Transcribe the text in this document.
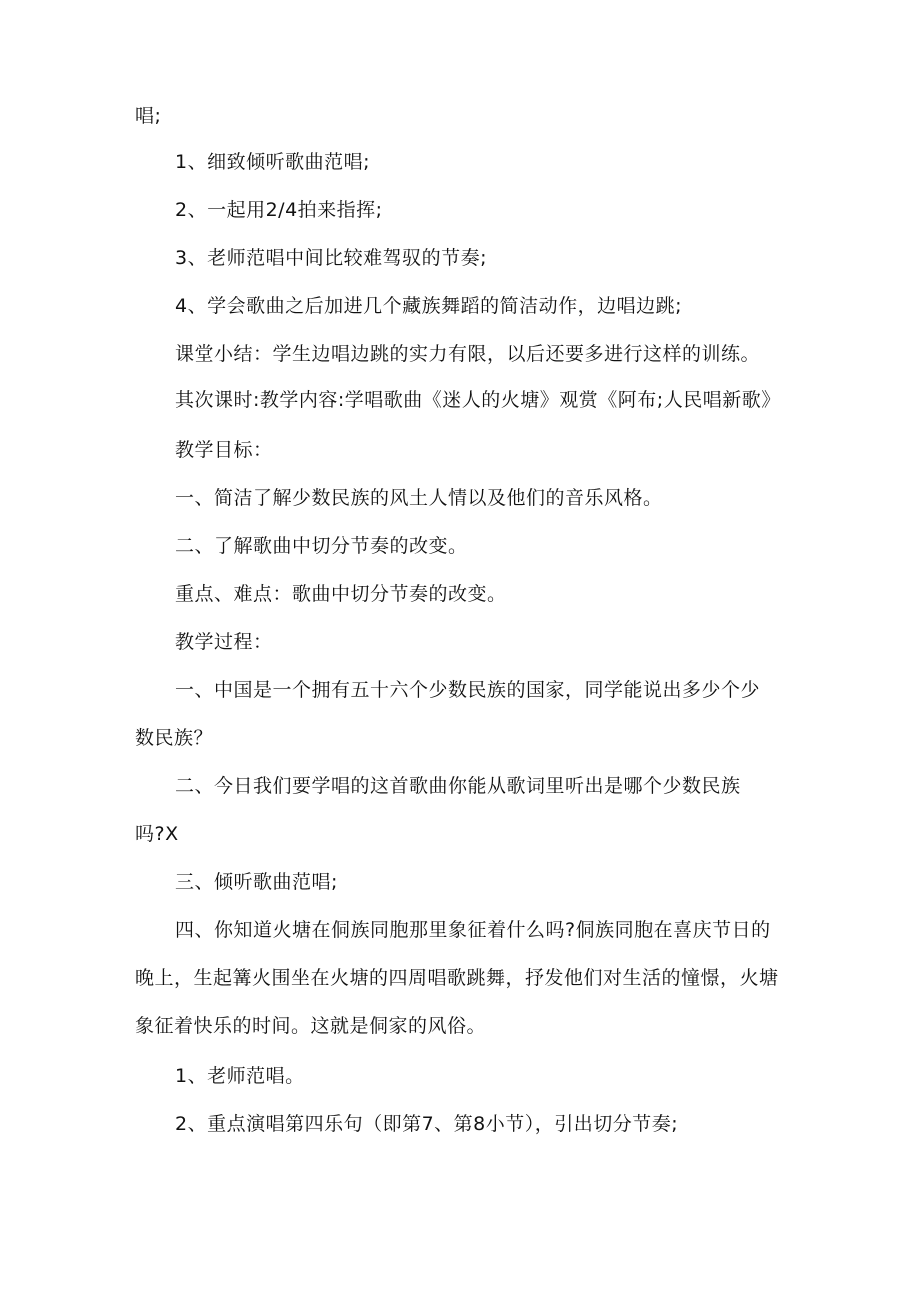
唱;
1、细致倾听歌曲范唱;
2、一起用2/4拍来指挥;
3、老师范唱中间比较难驾驭的节奏;
4、学会歌曲之后加进几个藏族舞蹈的简洁动作，边唱边跳;
课堂小结：学生边唱边跳的实力有限，以后还要多进行这样的训练。
其次课时:教学内容:学唱歌曲《迷人的火塘》观赏《阿布;人民唱新歌》
教学目标：
一、简洁了解少数民族的风土人情以及他们的音乐风格。
二、了解歌曲中切分节奏的改变。
重点、难点：歌曲中切分节奏的改变。
教学过程：
一、中国是一个拥有五十六个少数民族的国家，同学能说出多少个少
数民族？
二、今日我们要学唱的这首歌曲你能从歌词里听出是哪个少数民族
吗?X
三、倾听歌曲范唱;
四、你知道火塘在侗族同胞那里象征着什么吗?侗族同胞在喜庆节日的
晚上，生起篝火围坐在火塘的四周唱歌跳舞，抒发他们对生活的憧憬，火塘
象征着快乐的时间。这就是侗家的风俗。
1、老师范唱。
2、重点演唱第四乐句（即第7、第8小节），引出切分节奏;
